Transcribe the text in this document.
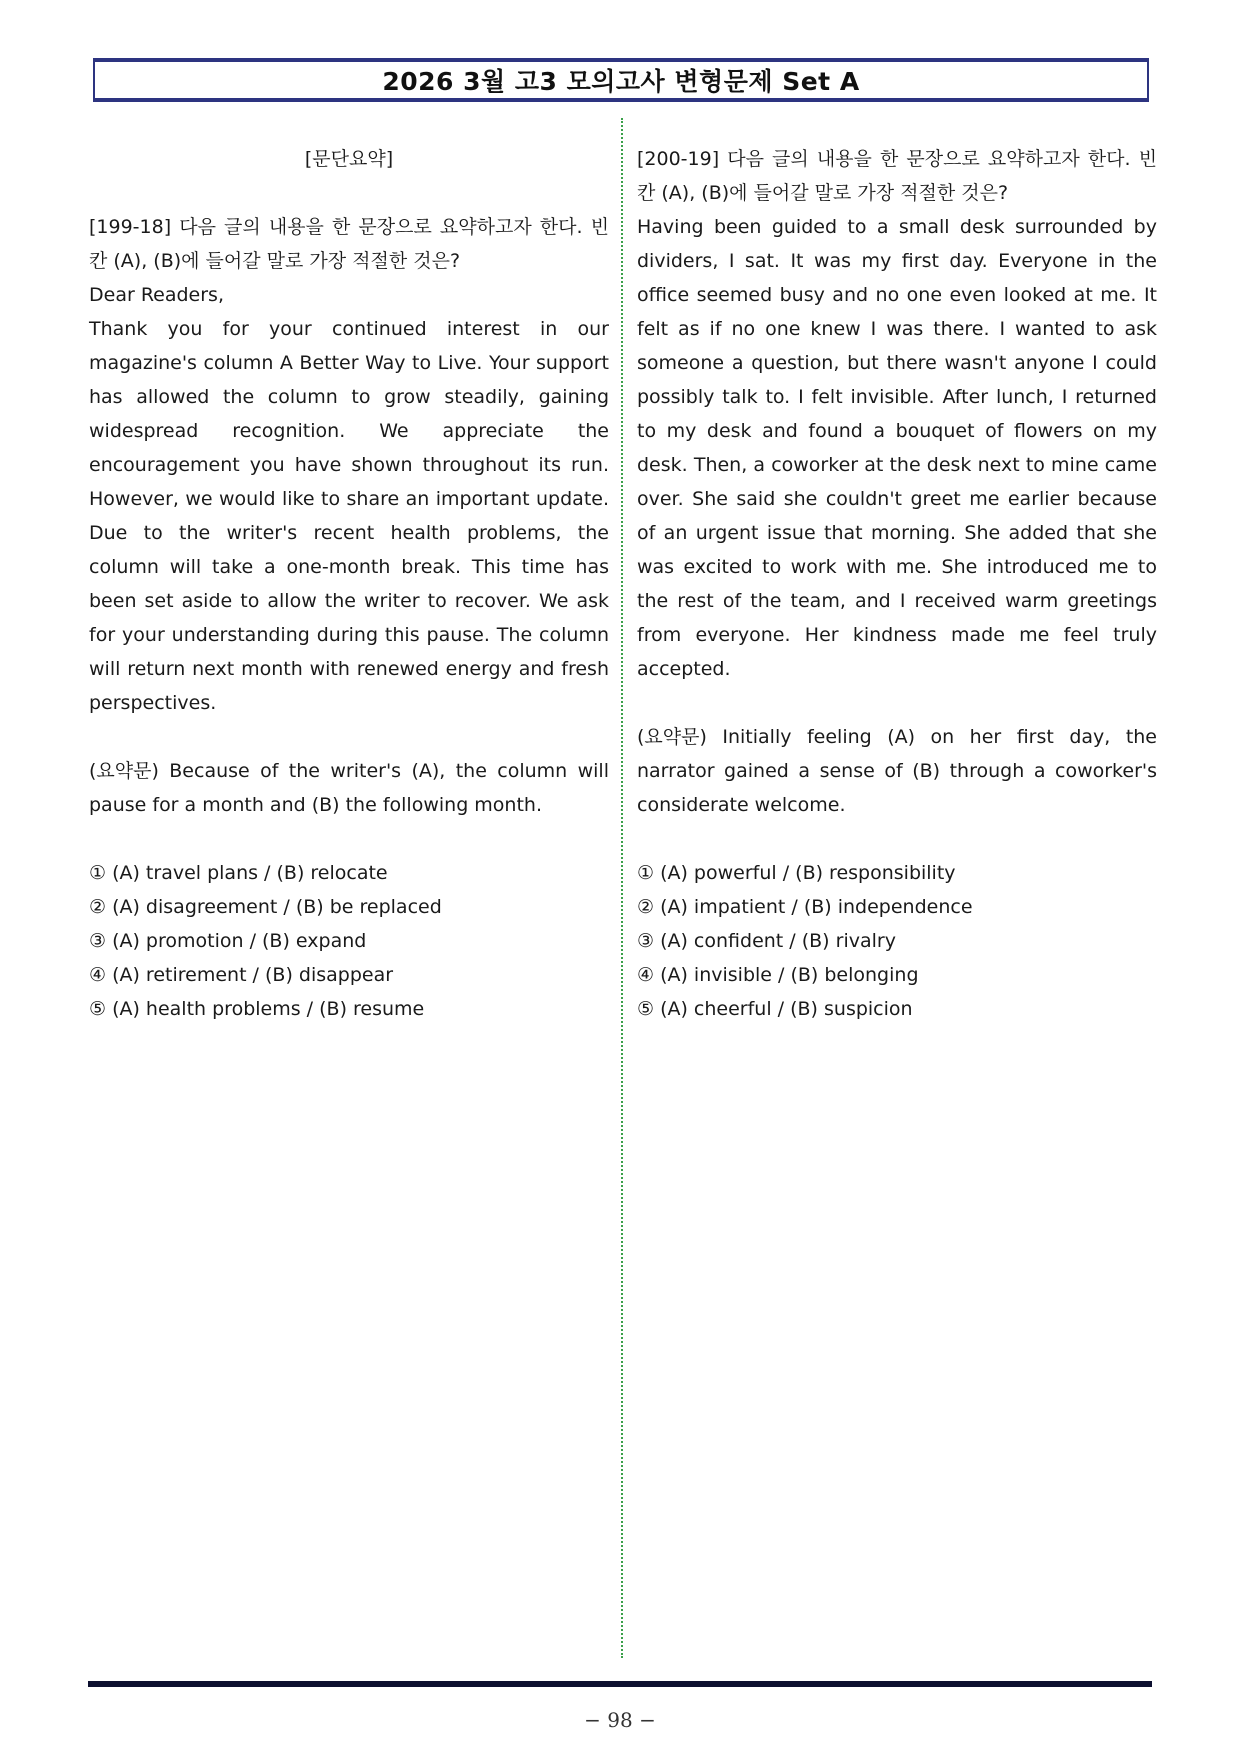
2026 3월 고3 모의고사 변형문제 Set A
[문단요약]
[199-18] 다음 글의 내용을 한 문장으로 요약하고자 한다. 빈칸 (A), (B)에 들어갈 말로 가장 적절한 것은?
Dear Readers,
Thank you for your continued interest in our magazine's column A Better Way to Live. Your support has allowed the column to grow steadily, gaining widespread recognition. We appreciate the encouragement you have shown throughout its run. However, we would like to share an important update. Due to the writer's recent health problems, the column will take a one-month break. This time has been set aside to allow the writer to recover. We ask for your understanding during this pause. The column will return next month with renewed energy and fresh perspectives.
(요약문) Because of the writer's (A), the column will pause for a month and (B) the following month.
① (A) travel plans / (B) relocate
② (A) disagreement / (B) be replaced
③ (A) promotion / (B) expand
④ (A) retirement / (B) disappear
⑤ (A) health problems / (B) resume
[200-19] 다음 글의 내용을 한 문장으로 요약하고자 한다. 빈칸 (A), (B)에 들어갈 말로 가장 적절한 것은?
Having been guided to a small desk surrounded by dividers, I sat. It was my first day. Everyone in the office seemed busy and no one even looked at me. It felt as if no one knew I was there. I wanted to ask someone a question, but there wasn't anyone I could possibly talk to. I felt invisible. After lunch, I returned to my desk and found a bouquet of flowers on my desk. Then, a coworker at the desk next to mine came over. She said she couldn't greet me earlier because of an urgent issue that morning. She added that she was excited to work with me. She introduced me to the rest of the team, and I received warm greetings from everyone. Her kindness made me feel truly accepted.
(요약문) Initially feeling (A) on her first day, the narrator gained a sense of (B) through a coworker's considerate welcome.
① (A) powerful / (B) responsibility
② (A) impatient / (B) independence
③ (A) confident / (B) rivalry
④ (A) invisible / (B) belonging
⑤ (A) cheerful / (B) suspicion
− 98 −
